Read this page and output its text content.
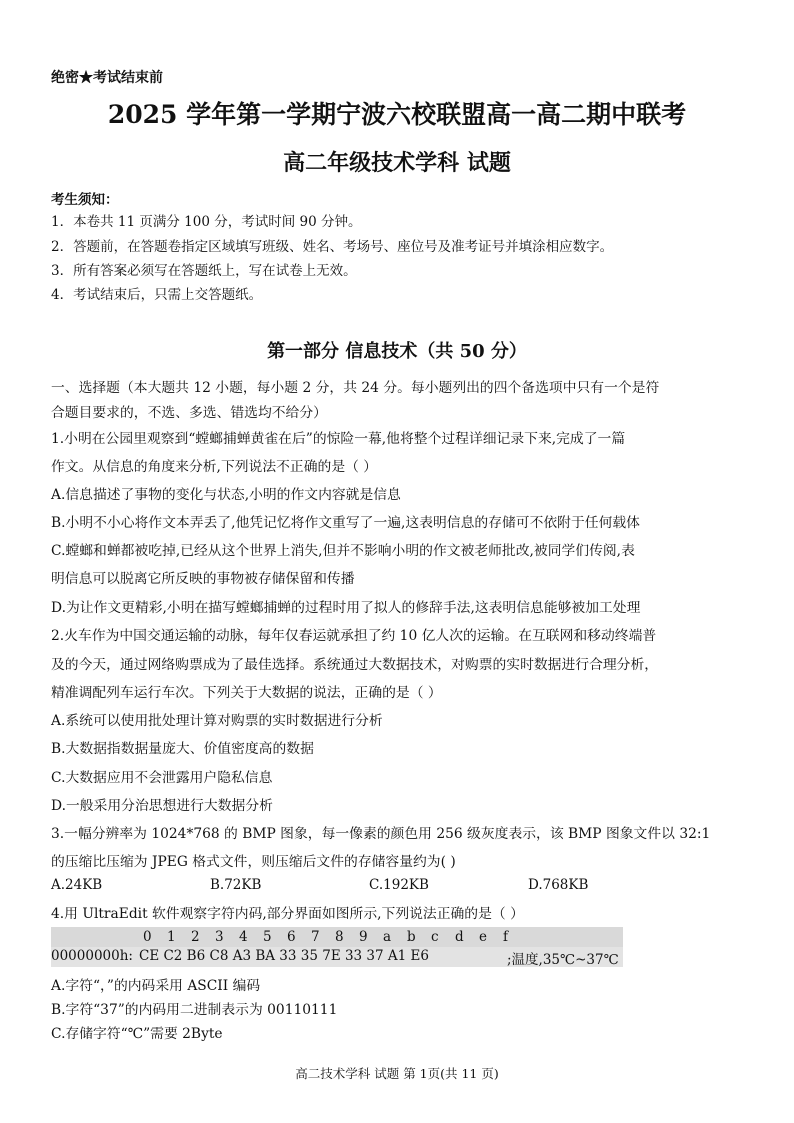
绝密★考试结束前
2025 学年第一学期宁波六校联盟高一高二期中联考
高二年级技术学科 试题
考生须知：
1．本卷共 11 页满分 100 分，考试时间 90 分钟。
2．答题前，在答题卷指定区域填写班级、姓名、考场号、座位号及准考证号并填涂相应数字。
3．所有答案必须写在答题纸上，写在试卷上无效。
4．考试结束后，只需上交答题纸。
第一部分 信息技术（共 50 分）
一、选择题（本大题共 12 小题，每小题 2 分，共 24 分。每小题列出的四个备选项中只有一个是符
合题目要求的，不选、多选、错选均不给分）
1.小明在公园里观察到“螳螂捕蝉黄雀在后”的惊险一幕,他将整个过程详细记录下来,完成了一篇
作文。从信息的角度来分析,下列说法不正确的是（ ）
A.信息描述了事物的变化与状态,小明的作文内容就是信息
B.小明不小心将作文本弄丢了,他凭记忆将作文重写了一遍,这表明信息的存储可不依附于任何载体
C.螳螂和蝉都被吃掉,已经从这个世界上消失,但并不影响小明的作文被老师批改,被同学们传阅,表
明信息可以脱离它所反映的事物被存储保留和传播
D.为让作文更精彩,小明在描写螳螂捕蝉的过程时用了拟人的修辞手法,这表明信息能够被加工处理
2.火车作为中国交通运输的动脉，每年仅春运就承担了约 10 亿人次的运输。在互联网和移动终端普
及的今天，通过网络购票成为了最佳选择。系统通过大数据技术，对购票的实时数据进行合理分析，
精准调配列车运行车次。下列关于大数据的说法，正确的是（ ）
A.系统可以使用批处理计算对购票的实时数据进行分析
B.大数据指数据量庞大、价值密度高的数据
C.大数据应用不会泄露用户隐私信息
D.一般采用分治思想进行大数据分析
3.一幅分辨率为 1024*768 的 BMP 图象，每一像素的颜色用 256 级灰度表示，该 BMP 图象文件以 32:1
的压缩比压缩为 JPEG 格式文件，则压缩后文件的存储容量约为( )
A.24KB	B.72KB	C.192KB	D.768KB
4.用 UltraEdit 软件观察字符内码,部分界面如图所示,下列说法正确的是（ ）
0 1 2 3 4 5 6 7 8 9 a b c d e f
00000000h: CE C2 B6 C8 A3 BA 33 35 7E 33 37 A1 E6	;温度,35℃~37℃
A.字符“，”的内码采用 ASCII 编码
B.字符“37”的内码用二进制表示为 00110111
C.存储字符“℃”需要 2Byte
高二技术学科 试题 第 1页(共 11 页)
